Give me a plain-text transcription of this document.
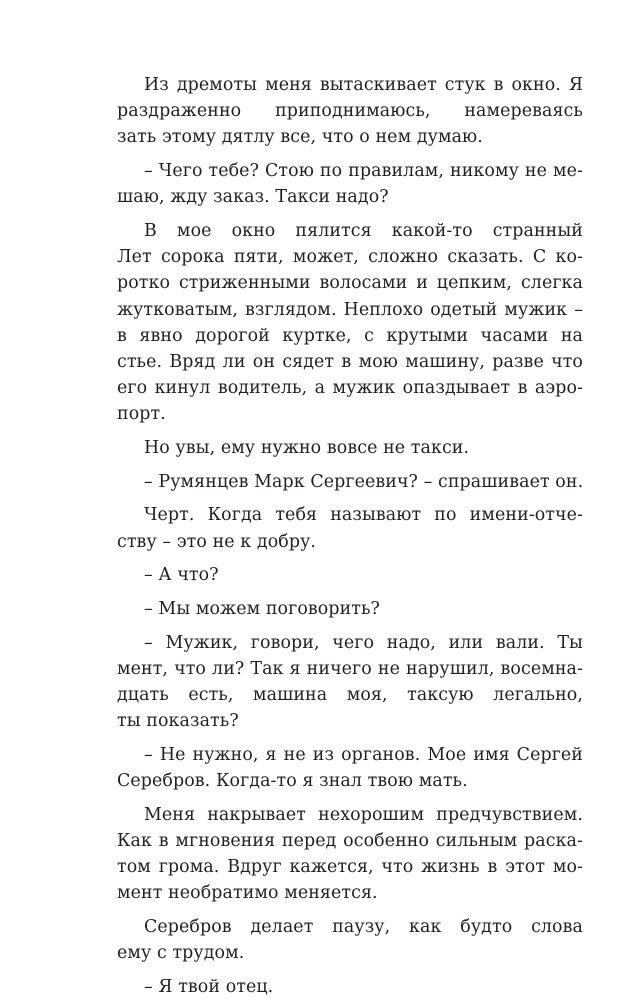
Из дремоты меня вытаскивает стук в окно. Я
раздраженно приподнимаюсь, намереваясь
зать этому дятлу все, что о нем думаю.
– Чего тебе? Стою по правилам, никому не ме-
шаю, жду заказ. Такси надо?
В мое окно пялится какой-то странный
Лет сорока пяти, может, сложно сказать. С ко-
ротко стриженными волосами и цепким, слегка
жутковатым, взглядом. Неплохо одетый мужик –
в явно дорогой куртке, с крутыми часами на
стье. Вряд ли он сядет в мою машину, разве что
его кинул водитель, а мужик опаздывает в аэро-
порт.
Но увы, ему нужно вовсе не такси.
– Румянцев Марк Сергеевич? – спрашивает он.
Черт. Когда тебя называют по имени-отче-
ству – это не к добру.
– А что?
– Мы можем поговорить?
– Мужик, говори, чего надо, или вали. Ты
мент, что ли? Так я ничего не нарушил, восемна-
дцать есть, машина моя, таксую легально,
ты показать?
– Не нужно, я не из органов. Мое имя Сергей
Серебров. Когда-то я знал твою мать.
Меня накрывает нехорошим предчувствием.
Как в мгновения перед особенно сильным раска-
том грома. Вдруг кажется, что жизнь в этот мо-
мент необратимо меняется.
Серебров делает паузу, как будто слова
ему с трудом.
– Я твой отец.
